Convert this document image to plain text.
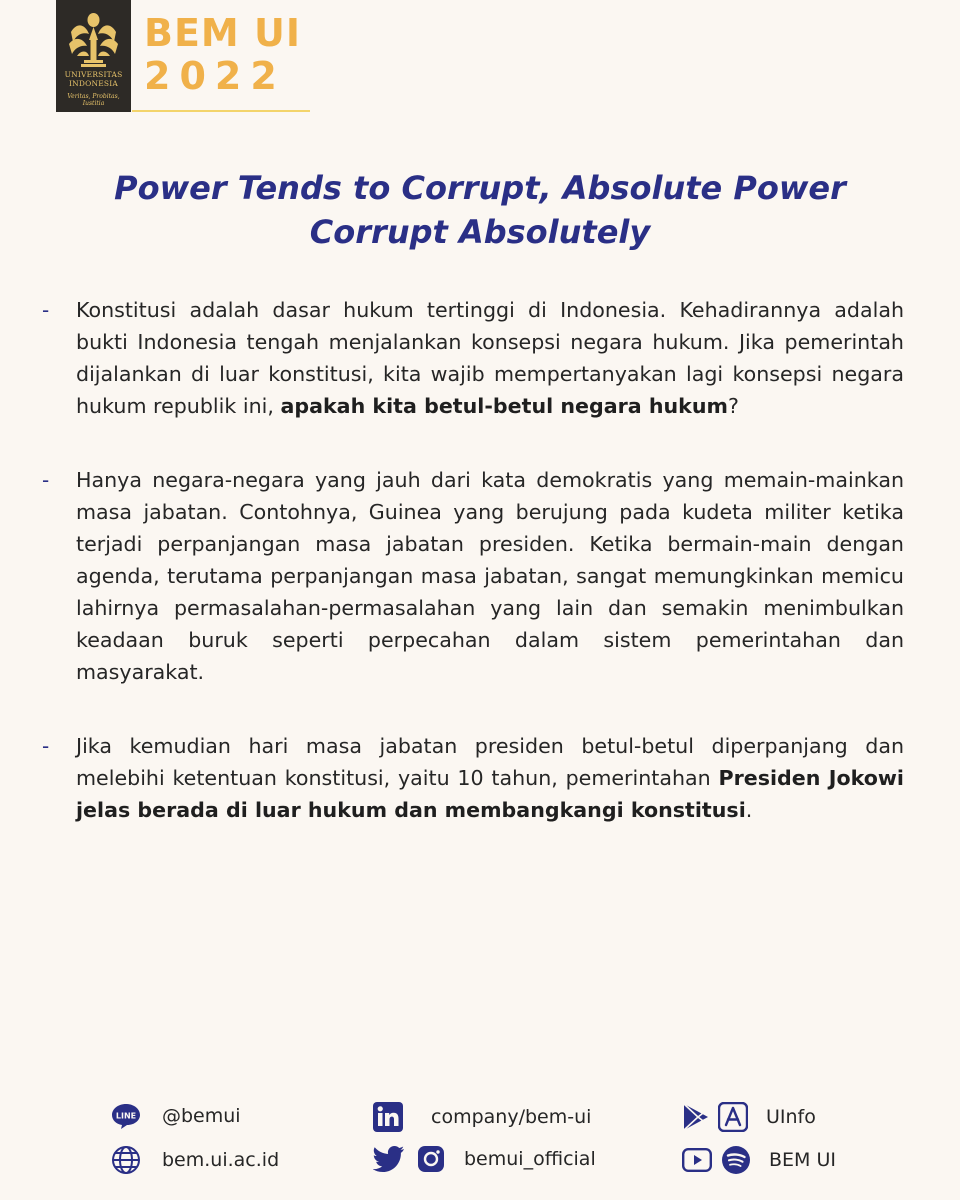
UNIVERSITAS
INDONESIA
Veritas, Probitas, Iustitia
BEM UI
2022
Power Tends to Corrupt, Absolute Power
Corrupt Absolutely
- Konstitusi adalah dasar hukum tertinggi di Indonesia. Kehadirannya adalah bukti Indonesia tengah menjalankan konsepsi negara hukum. Jika pemerintah dijalankan di luar konstitusi, kita wajib mempertanyakan lagi konsepsi negara hukum republik ini, apakah kita betul-betul negara hukum?

- Hanya negara-negara yang jauh dari kata demokratis yang memain-mainkan masa jabatan. Contohnya, Guinea yang berujung pada kudeta militer ketika terjadi perpanjangan masa jabatan presiden. Ketika bermain-main dengan agenda, terutama perpanjangan masa jabatan, sangat memungkinkan memicu lahirnya permasalahan-permasalahan yang lain dan semakin menimbulkan keadaan buruk seperti perpecahan dalam sistem pemerintahan dan masyarakat.

- Jika kemudian hari masa jabatan presiden betul-betul diperpanjang dan melebihi ketentuan konstitusi, yaitu 10 tahun, pemerintahan Presiden Jokowi jelas berada di luar hukum dan membangkangi konstitusi.

LINE @bemui
bem.ui.ac.id
company/bem-ui
bemui_official
UInfo
BEM UI
